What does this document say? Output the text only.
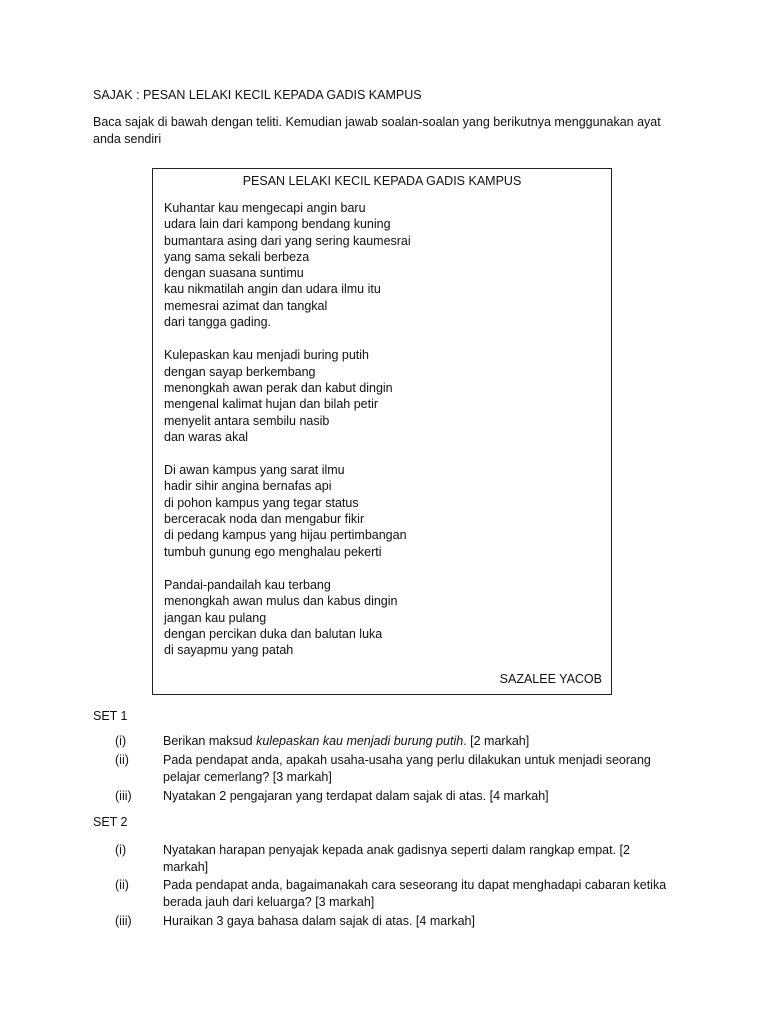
SAJAK : PESAN LELAKI KECIL KEPADA GADIS KAMPUS
Baca sajak di bawah dengan teliti. Kemudian jawab soalan-soalan yang berikutnya menggunakan ayat anda sendiri
PESAN LELAKI KECIL KEPADA GADIS KAMPUS
Kuhantar kau mengecapi angin baru
udara lain dari kampong bendang kuning
bumantara asing dari yang sering kaumesrai
yang sama sekali berbeza
dengan suasana suntimu
kau nikmatilah angin dan udara ilmu itu
memesrai azimat dan tangkal
dari tangga gading.
Kulepaskan kau menjadi buring putih
dengan sayap berkembang
menongkah awan perak dan kabut dingin
mengenal kalimat hujan dan bilah petir
menyelit antara sembilu nasib
dan waras akal
Di awan kampus yang sarat ilmu
hadir sihir angina bernafas api
di pohon kampus yang tegar status
berceracak noda dan mengabur fikir
di pedang kampus yang hijau pertimbangan
tumbuh gunung ego menghalau pekerti
Pandai-pandailah kau terbang
menongkah awan mulus dan kabus dingin
jangan kau pulang
dengan percikan duka dan balutan luka
di sayapmu yang patah
SAZALEE YACOB
SET 1
(i)	Berikan maksud kulepaskan kau menjadi burung putih. [2 markah]
(ii)	Pada pendapat anda, apakah usaha-usaha yang perlu dilakukan untuk menjadi seorang pelajar cemerlang? [3 markah]
(iii)	Nyatakan 2 pengajaran yang terdapat dalam sajak di atas. [4 markah]
SET 2
(i)	Nyatakan harapan penyajak kepada anak gadisnya seperti dalam rangkap empat. [2 markah]
(ii)	Pada pendapat anda, bagaimanakah cara seseorang itu dapat menghadapi cabaran ketika berada jauh dari keluarga? [3 markah]
(iii)	Huraikan 3 gaya bahasa dalam sajak di atas. [4 markah]
